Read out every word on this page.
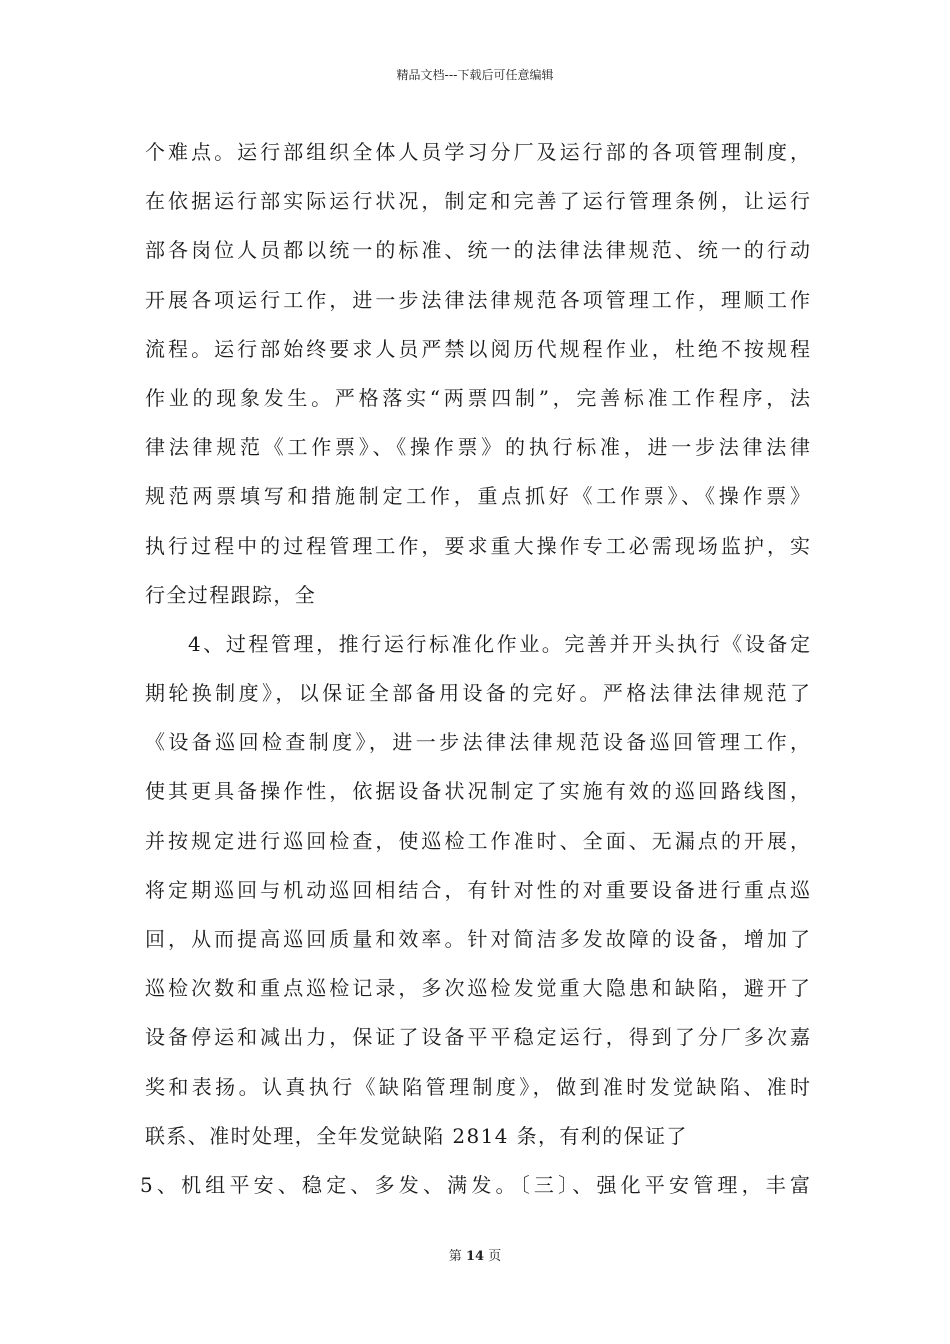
精品文档---下载后可任意编辑
个难点。运行部组织全体人员学习分厂及运行部的各项管理制度，
在依据运行部实际运行状况，制定和完善了运行管理条例，让运行
部各岗位人员都以统一的标准、统一的法律法律规范、统一的行动
开展各项运行工作，进一步法律法律规范各项管理工作，理顺工作
流程。运行部始终要求人员严禁以阅历代规程作业，杜绝不按规程
作业的现象发生。严格落实“两票四制”，完善标准工作程序，法
律法律规范《工作票》、《操作票》的执行标准，进一步法律法律
规范两票填写和措施制定工作，重点抓好《工作票》、《操作票》
执行过程中的过程管理工作，要求重大操作专工必需现场监护，实
行全过程跟踪，全
4、过程管理，推行运行标准化作业。完善并开头执行《设备定
期轮换制度》，以保证全部备用设备的完好。严格法律法律规范了
《设备巡回检查制度》，进一步法律法律规范设备巡回管理工作，
使其更具备操作性，依据设备状况制定了实施有效的巡回路线图，
并按规定进行巡回检查，使巡检工作准时、全面、无漏点的开展，
将定期巡回与机动巡回相结合，有针对性的对重要设备进行重点巡
回，从而提高巡回质量和效率。针对简洁多发故障的设备，增加了
巡检次数和重点巡检记录，多次巡检发觉重大隐患和缺陷，避开了
设备停运和减出力，保证了设备平平稳定运行，得到了分厂多次嘉
奖和表扬。认真执行《缺陷管理制度》，做到准时发觉缺陷、准时
联系、准时处理，全年发觉缺陷 2814 条，有利的保证了
5、机组平安、稳定、多发、满发。〔三〕、强化平安管理，丰富
第 14 页
